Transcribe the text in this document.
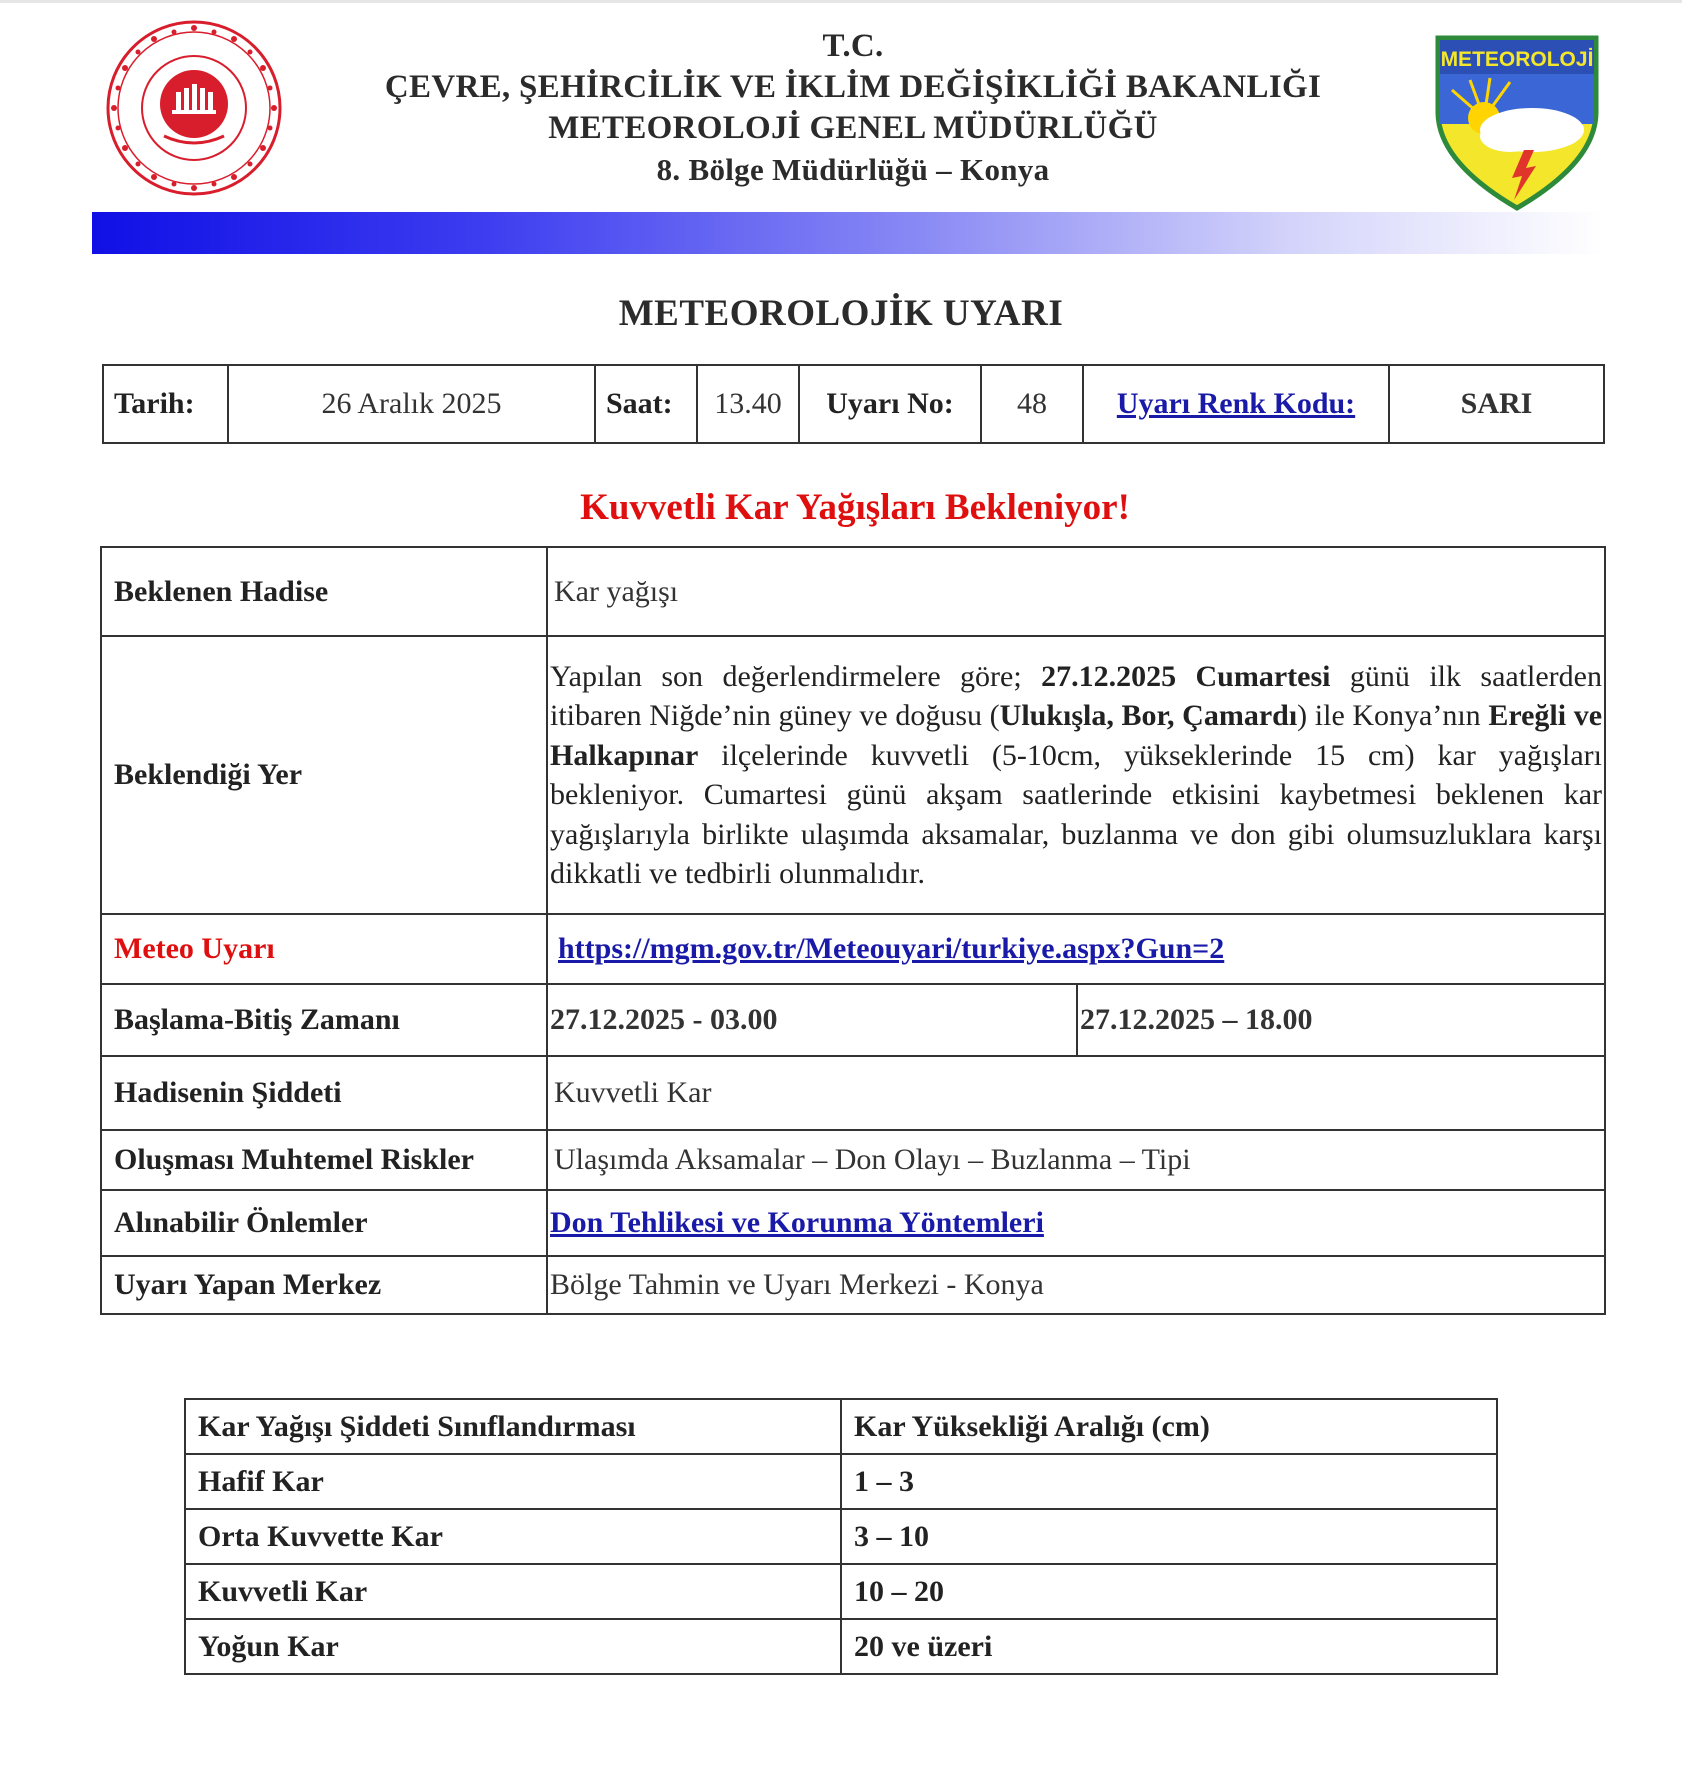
T.C.
ÇEVRE, ŞEHİRCİLİK VE İKLİM DEĞİŞİKLİĞİ BAKANLIĞI
METEOROLOJİ GENEL MÜDÜRLÜĞÜ
8. Bölge Müdürlüğü – Konya
METEOROLOJİ
METEOROLOJİK UYARI
Tarih:	26 Aralık 2025	Saat:	13.40	Uyarı No:	48	Uyarı Renk Kodu:	SARI
Kuvvetli Kar Yağışları Bekleniyor!
Beklenen Hadise	Kar yağışı	
Beklendiği Yer	Yapılan son değerlendirmelere göre; 27.12.2025 Cumartesi günü ilk saatlerden itibaren Niğde’nin güney ve doğusu (Ulukışla, Bor, Çamardı) ile Konya’nın Ereğli ve Halkapınar ilçelerinde kuvvetli (5-10cm, yükseklerinde 15 cm) kar yağışları bekleniyor. Cumartesi günü akşam saatlerinde etkisini kaybetmesi beklenen kar yağışlarıyla birlikte ulaşımda aksamalar, buzlanma ve don gibi olumsuzluklara karşı dikkatli ve tedbirli olunmalıdır.	
Meteo Uyarı	https://mgm.gov.tr/Meteouyari/turkiye.aspx?Gun=2	
Başlama-Bitiş Zamanı	27.12.2025 - 03.00	27.12.2025 – 18.00
Hadisenin Şiddeti	Kuvvetli Kar	
Oluşması Muhtemel Riskler	Ulaşımda Aksamalar – Don Olayı – Buzlanma – Tipi	
Alınabilir Önlemler	Don Tehlikesi ve Korunma Yöntemleri	
Uyarı Yapan Merkez	Bölge Tahmin ve Uyarı Merkezi - Konya	
Kar Yağışı Şiddeti Sınıflandırması	Kar Yüksekliği Aralığı (cm)
Hafif Kar	1 – 3
Orta Kuvvette Kar	3 – 10
Kuvvetli Kar	10 – 20
Yoğun Kar	20 ve üzeri
